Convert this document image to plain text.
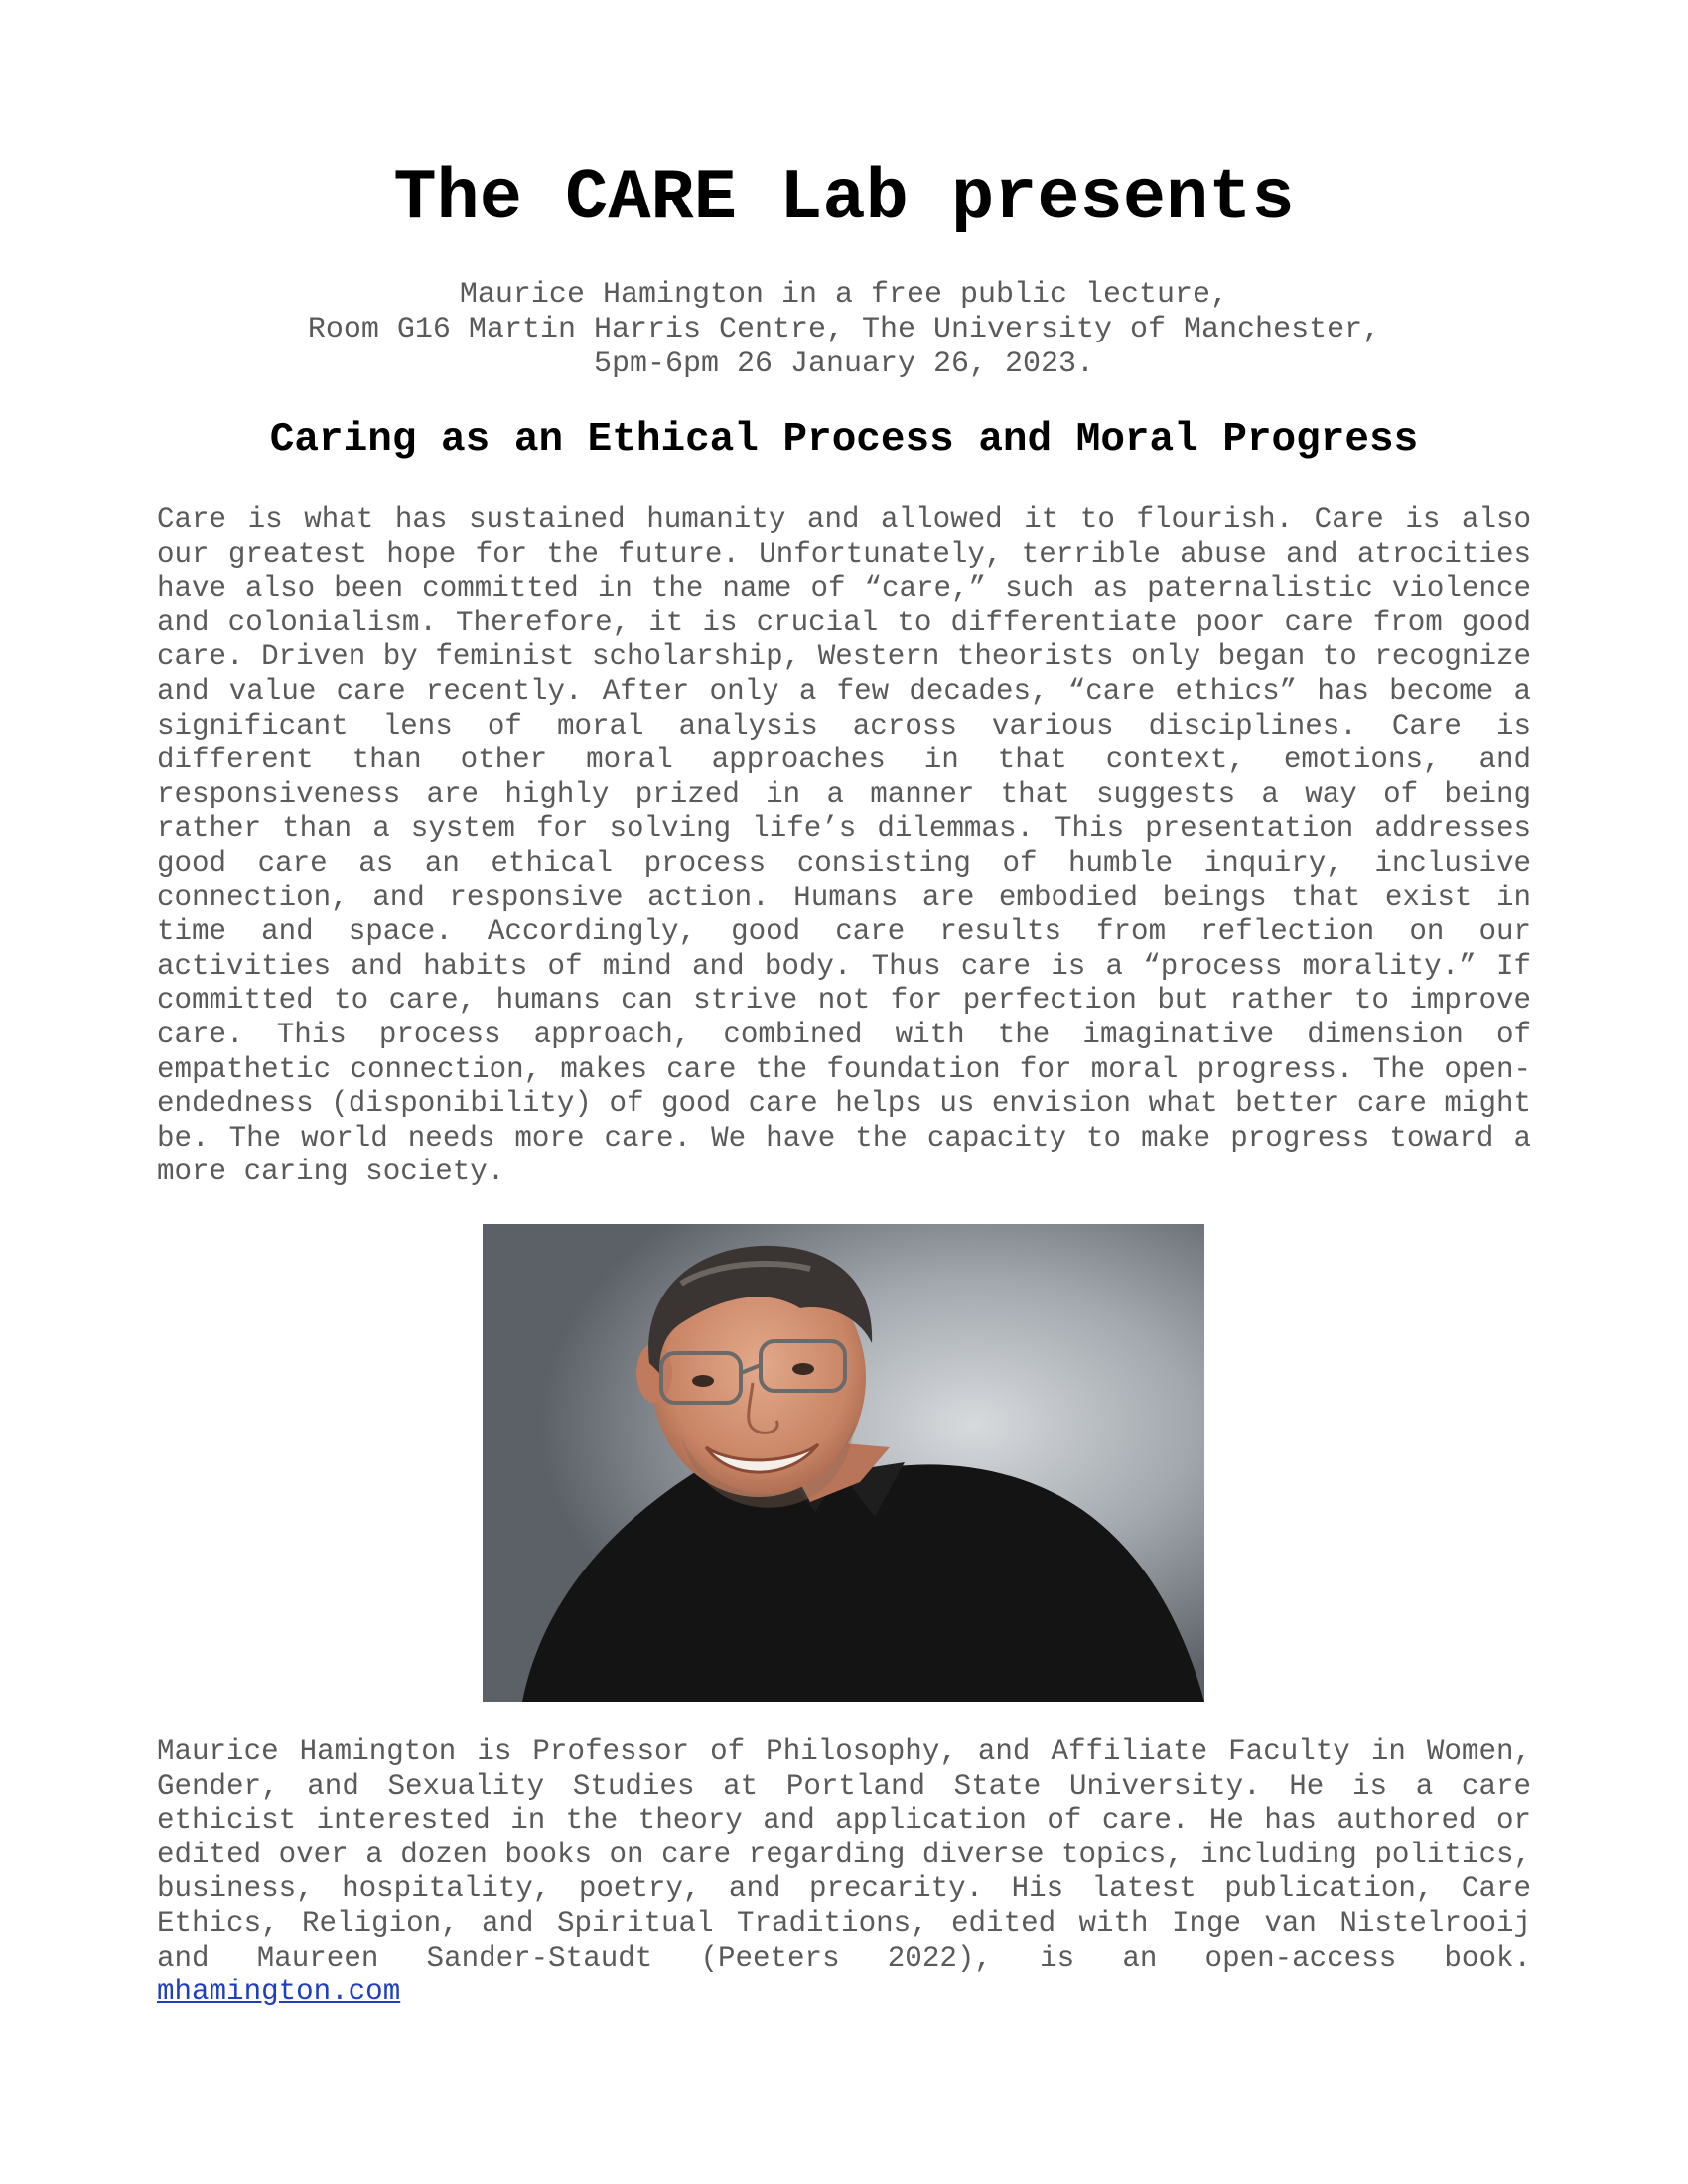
The CARE Lab presents
Maurice Hamington in a free public lecture,
Room G16 Martin Harris Centre, The University of Manchester,
5pm-6pm 26 January 26, 2023.
Caring as an Ethical Process and Moral Progress

Care is what has sustained humanity and allowed it to flourish. Care is also our greatest hope for the future. Unfortunately, terrible abuse and atrocities have also been committed in the name of “care,” such as paternalistic violence and colonialism. Therefore, it is crucial to differentiate poor care from good care. Driven by feminist scholarship, Western theorists only began to recognize and value care recently. After only a few decades, “care ethics” has become a significant lens of moral analysis across various disciplines. Care is different than other moral approaches in that context, emotions, and responsiveness are highly prized in a manner that suggests a way of being rather than a system for solving life’s dilemmas. This presentation addresses good care as an ethical process consisting of humble inquiry, inclusive connection, and responsive action. Humans are embodied beings that exist in time and space. Accordingly, good care results from reflection on our activities and habits of mind and body. Thus care is a “process morality.” If committed to care, humans can strive not for perfection but rather to improve care. This process approach, combined with the imaginative dimension of empathetic connection, makes care the foundation for moral progress. The open-endedness (disponibility) of good care helps us envision what better care might be. The world needs more care. We have the capacity to make progress toward a more caring society.

Maurice Hamington is Professor of Philosophy, and Affiliate Faculty in Women, Gender, and Sexuality Studies at Portland State University. He is a care ethicist interested in the theory and application of care. He has authored or edited over a dozen books on care regarding diverse topics, including politics, business, hospitality, poetry, and precarity. His latest publication, Care Ethics, Religion, and Spiritual Traditions, edited with Inge van Nistelrooij and Maureen Sander-Staudt (Peeters 2022), is an open-access book. mhamington.com
